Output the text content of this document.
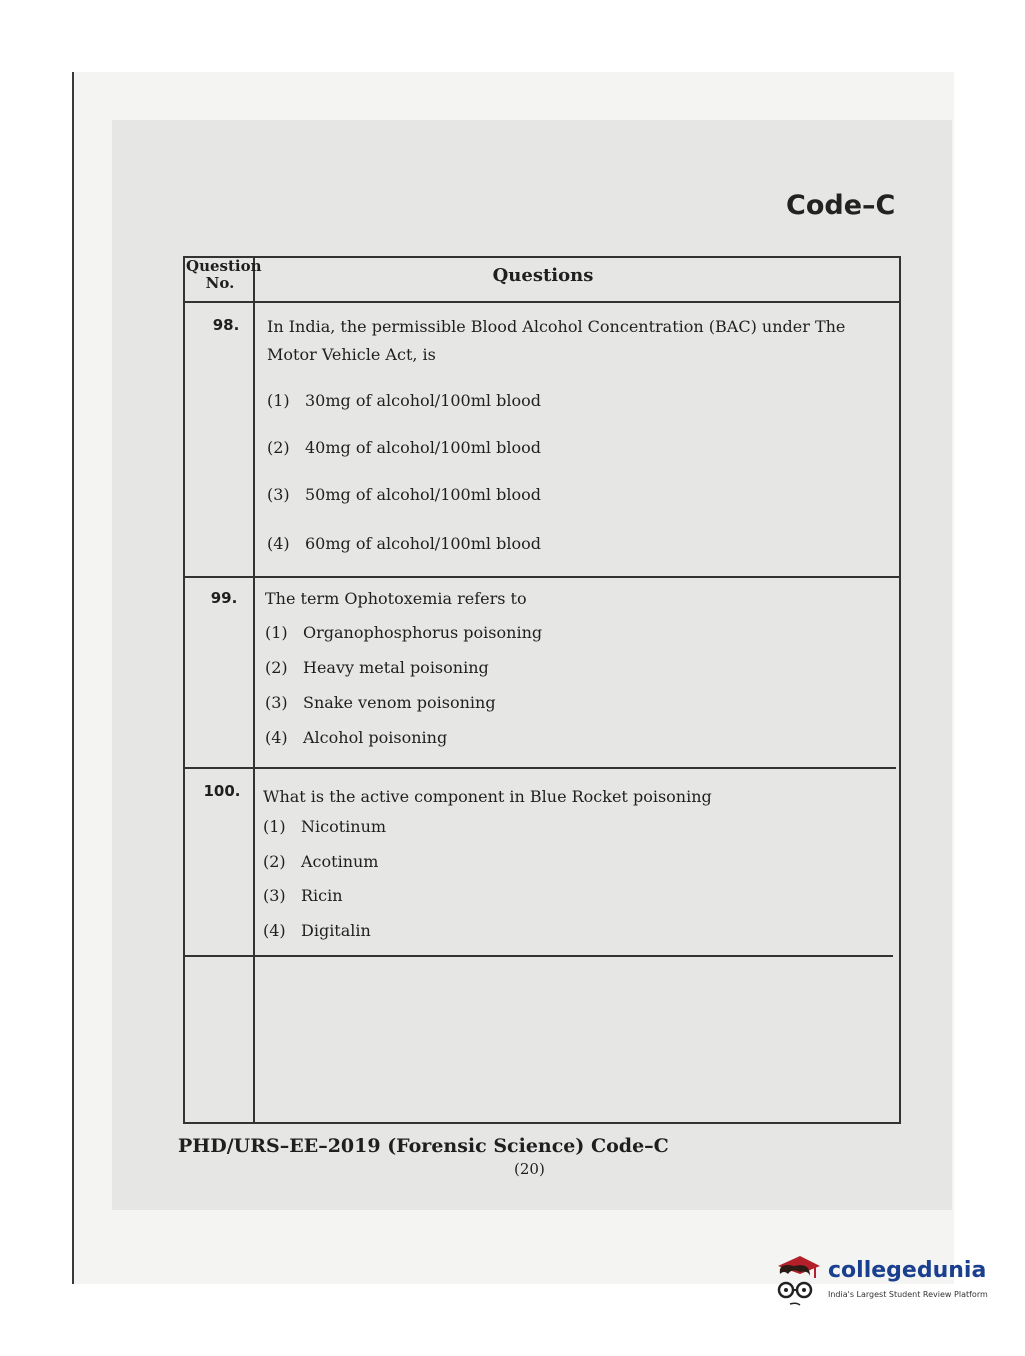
Code–C
Question No.	Questions
98.	In India, the permissible Blood Alcohol Concentration (BAC) under The Motor Vehicle Act, is
(1) 30mg of alcohol/100ml blood
(2) 40mg of alcohol/100ml blood
(3) 50mg of alcohol/100ml blood
(4) 60mg of alcohol/100ml blood
99.	The term Ophotoxemia refers to
(1) Organophosphorus poisoning
(2) Heavy metal poisoning
(3) Snake venom poisoning
(4) Alcohol poisoning
100.	What is the active component in Blue Rocket poisoning
(1) Nicotinum
(2) Acotinum
(3) Ricin
(4) Digitalin
PHD/URS–EE–2019 (Forensic Science) Code–C
(20)
collegedunia
India's Largest Student Review Platform
